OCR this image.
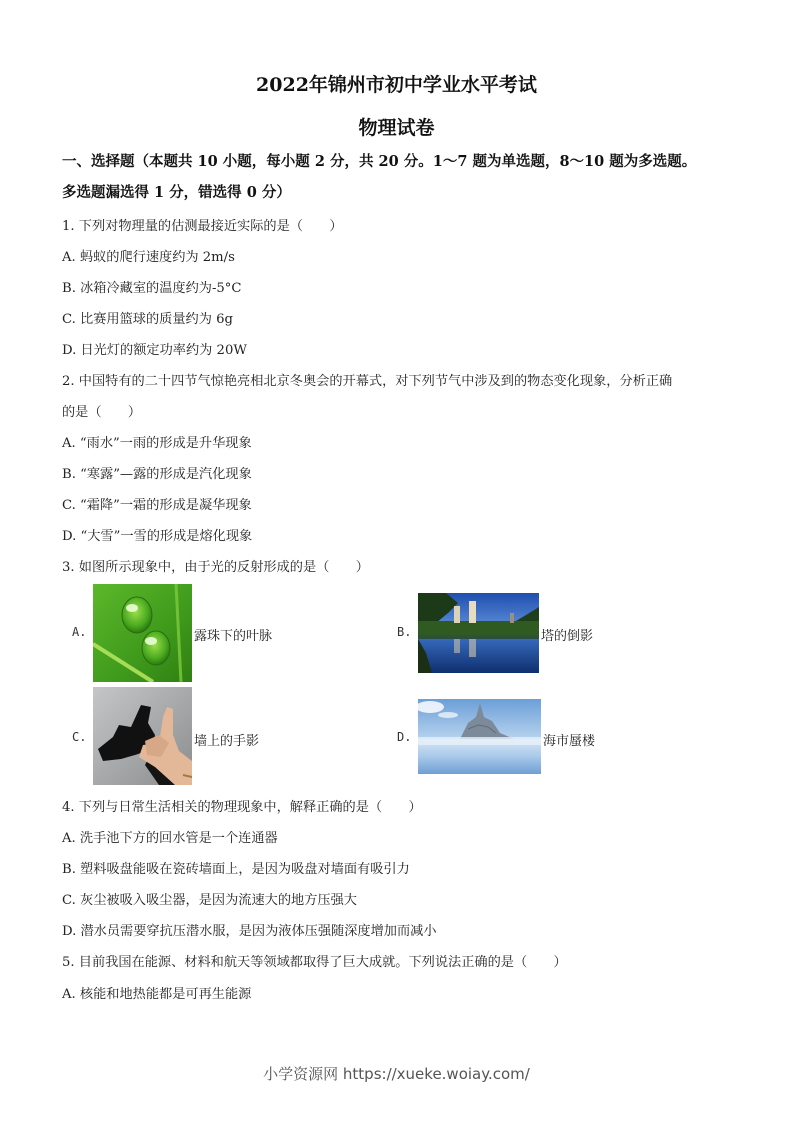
2022年锦州市初中学业水平考试
物理试卷
一、选择题（本题共 10 小题，每小题 2 分，共 20 分。1～7 题为单选题，8～10 题为多选题。
多选题漏选得 1 分，错选得 0 分）
1. 下列对物理量的估测最接近实际的是（　　）
A. 蚂蚁的爬行速度约为 2m/s
B. 冰箱冷藏室的温度约为-5°C
C. 比赛用篮球的质量约为 6g
D. 日光灯的额定功率约为 20W
2. 中国特有的二十四节气惊艳亮相北京冬奥会的开幕式，对下列节气中涉及到的物态变化现象，分析正确
的是（　　）
A. “雨水”一雨的形成是升华现象
B. “寒露”—露的形成是汽化现象
C. “霜降”一霜的形成是凝华现象
D. “大雪”一雪的形成是熔化现象
3. 如图所示现象中，由于光的反射形成的是（　　）
A.	露珠下的叶脉	B.	塔的倒影
C.	墙上的手影	D.	海市蜃楼
4. 下列与日常生活相关的物理现象中，解释正确的是（　　）
A. 洗手池下方的回水管是一个连通器
B. 塑料吸盘能吸在瓷砖墙面上，是因为吸盘对墙面有吸引力
C. 灰尘被吸入吸尘器，是因为流速大的地方压强大
D. 潜水员需要穿抗压潜水服，是因为液体压强随深度增加而减小
5. 目前我国在能源、材料和航天等领域都取得了巨大成就。下列说法正确的是（　　）
A. 核能和地热能都是可再生能源
小学资源网 https://xueke.woiay.com/
